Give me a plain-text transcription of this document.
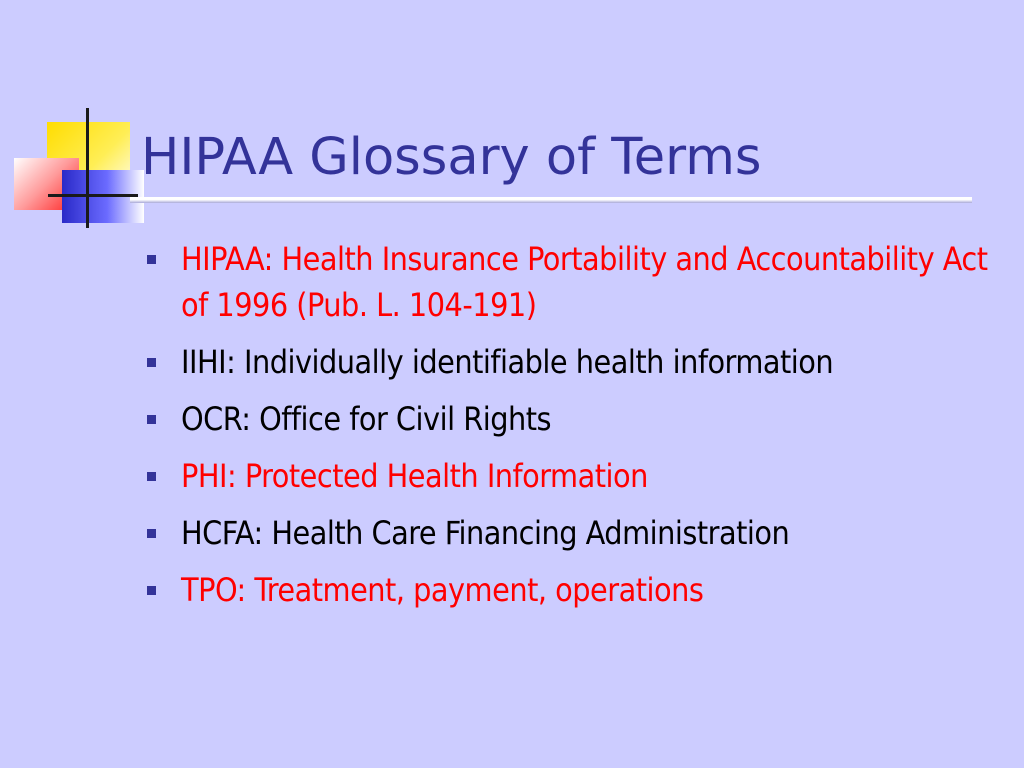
HIPAA Glossary of Terms
HIPAA: Health Insurance Portability and Accountability Act of 1996 (Pub. L. 104-191)
IIHI: Individually identifiable health information
OCR: Office for Civil Rights
PHI: Protected Health Information
HCFA: Health Care Financing Administration
TPO: Treatment, payment, operations
